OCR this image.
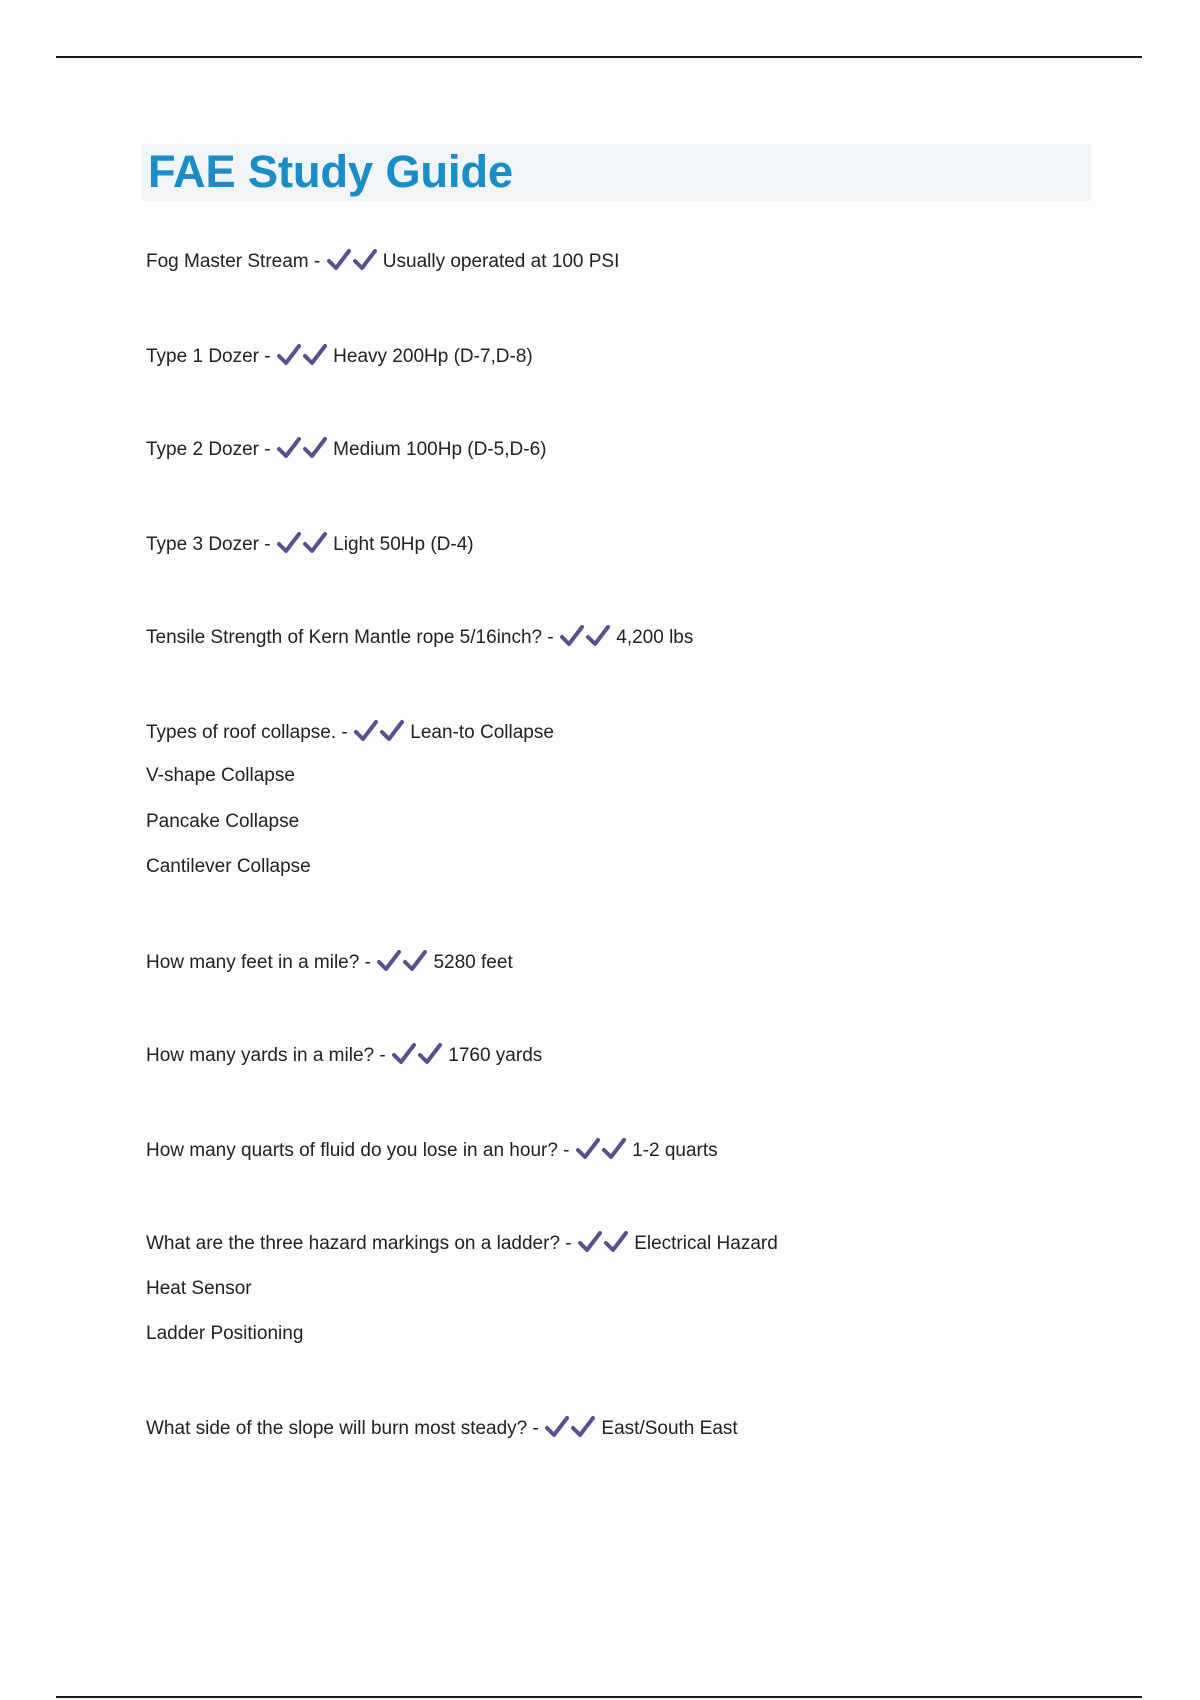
FAE Study Guide

Fog Master Stream -	Usually operated at 100 PSI

Type 1 Dozer -	Heavy 200Hp (D-7,D-8)

Type 2 Dozer -	Medium 100Hp (D-5,D-6)

Type 3 Dozer -	Light 50Hp (D-4)

Tensile Strength of Kern Mantle rope 5/16inch? -	4,200 lbs

Types of roof collapse. -	Lean-to Collapse

V-shape Collapse

Pancake Collapse

Cantilever Collapse

How many feet in a mile? -	5280 feet

How many yards in a mile? -	1760 yards

How many quarts of fluid do you lose in an hour? -	1-2 quarts

What are the three hazard markings on a ladder? -	Electrical Hazard

Heat Sensor

Ladder Positioning

What side of the slope will burn most steady? -	East/South East
